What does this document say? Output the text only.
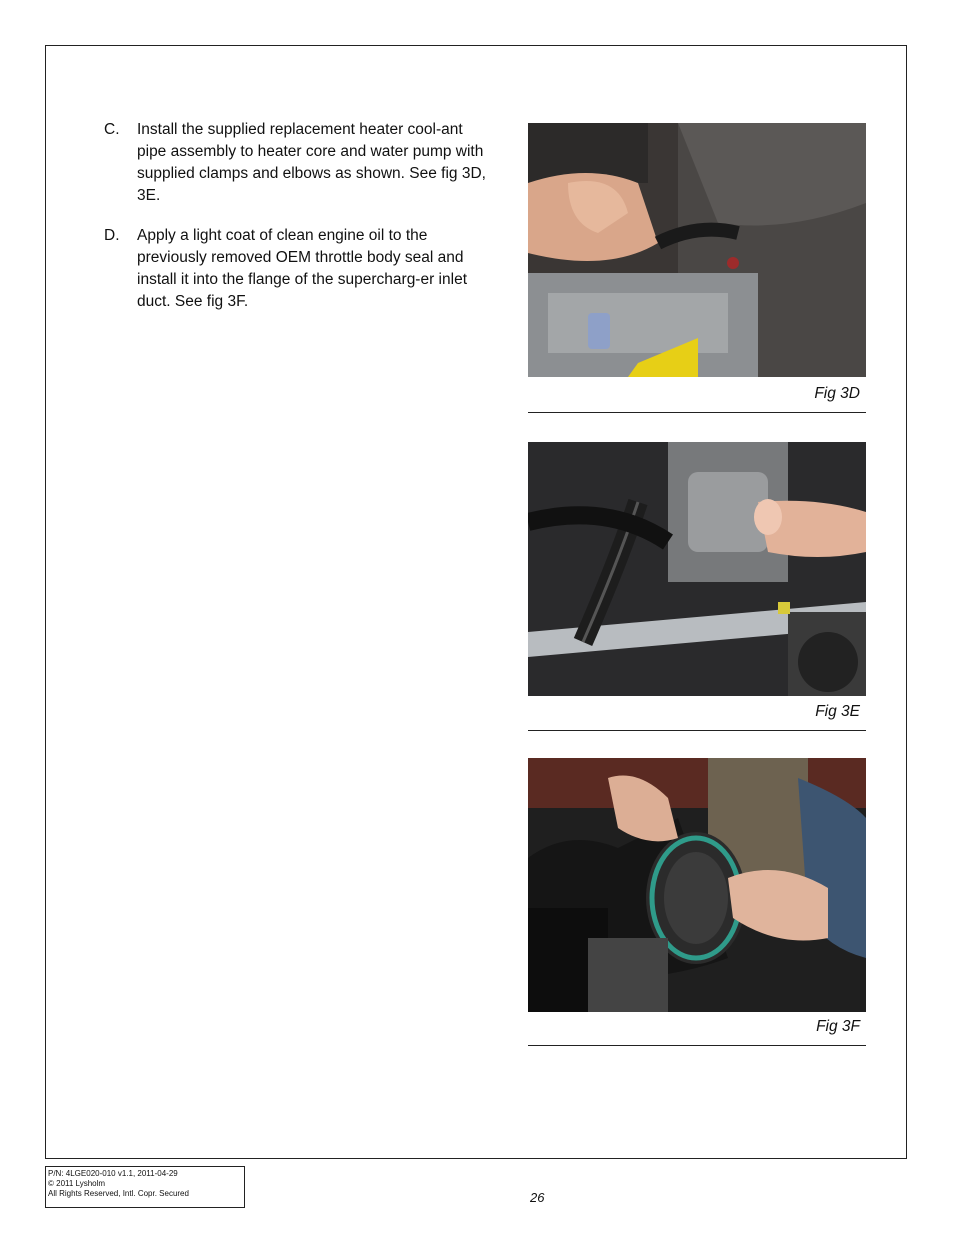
C. Install the supplied replacement heater cool-ant pipe assembly to heater core and water pump with supplied clamps and elbows as shown. See fig 3D, 3E.
D. Apply a light coat of clean engine oil to the previously removed OEM throttle body seal and install it into the flange of the supercharg-er inlet duct. See fig 3F.
Fig 3D
Fig 3E
Fig 3F
P/N: 4LGE020-010 v1.1, 2011-04-29
© 2011 Lysholm
All Rights Reserved, Intl. Copr. Secured	26
